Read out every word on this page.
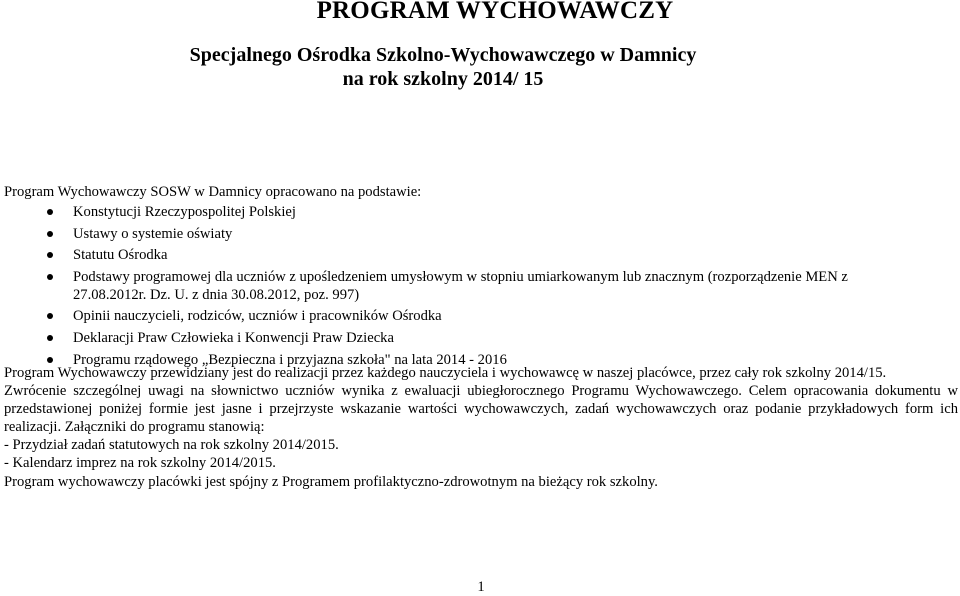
PROGRAM WYCHOWAWCZY
Specjalnego Ośrodka Szkolno-Wychowawczego w Damnicy
na rok szkolny 2014/ 15

Program Wychowawczy SOSW w Damnicy opracowano na podstawie:

Konstytucji Rzeczypospolitej Polskiej
Ustawy o systemie oświaty
Statutu Ośrodka
Podstawy programowej dla uczniów z upośledzeniem umysłowym w stopniu umiarkowanym lub znacznym (rozporządzenie MEN z 27.08.2012r. Dz. U. z dnia 30.08.2012, poz. 997)
Opinii nauczycieli, rodziców, uczniów i pracowników Ośrodka
Deklaracji Praw Człowieka i Konwencji Praw Dziecka
Programu rządowego „Bezpieczna i przyjazna szkoła" na lata 2014 - 2016

Program Wychowawczy przewidziany jest do realizacji przez każdego nauczyciela i wychowawcę w naszej placówce, przez cały rok szkolny 2014/15.

Zwrócenie szczególnej uwagi na słownictwo uczniów wynika z ewaluacji ubiegłorocznego Programu Wychowawczego. Celem opracowania dokumentu w przedstawionej poniżej formie jest jasne i przejrzyste wskazanie wartości wychowawczych, zadań wychowawczych oraz podanie przykładowych form ich realizacji. Załączniki do programu stanowią:

- Przydział zadań statutowych na rok szkolny 2014/2015.

- Kalendarz imprez na rok szkolny 2014/2015.

Program wychowawczy placówki jest spójny z Programem profilaktyczno-zdrowotnym na bieżący rok szkolny.

1
